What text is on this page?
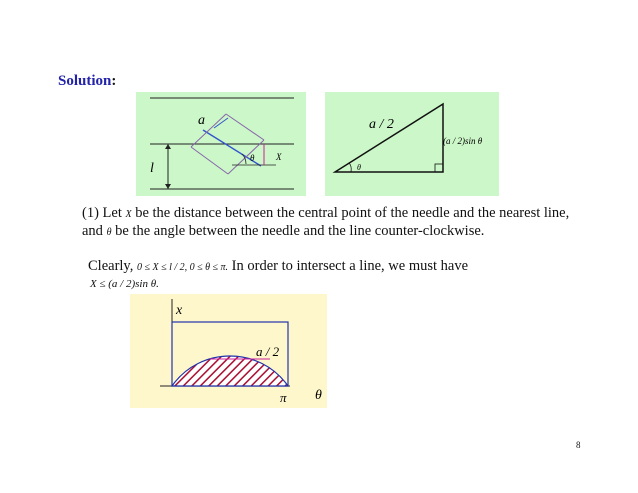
Solution:
a
l
θ X
a / 2
(a / 2)sin θ
θ
(1) Let X be the distance between the central point of the needle and the nearest line, and θ be the angle between the needle and the line counter-clockwise.
Clearly, 0 ≤ X ≤ l / 2, 0 ≤ θ ≤ π. In order to intersect a line, we must have
X ≤ (a / 2)sin θ.
x
θ
a / 2
π
8
